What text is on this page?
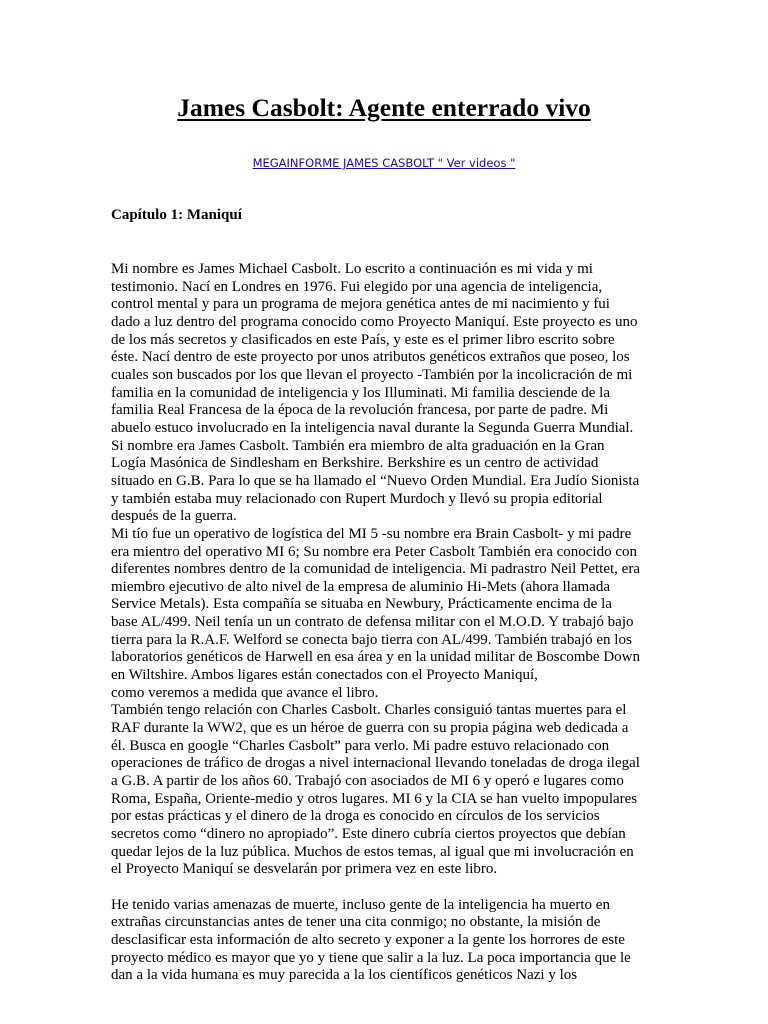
James Casbolt: Agente enterrado vivo
MEGAINFORME JAMES CASBOLT " Ver videos "
Capítulo 1: Maniquí
Mi nombre es James Michael Casbolt. Lo escrito a continuación es mi vida y mi
testimonio. Nací en Londres en 1976. Fui elegido por una agencia de inteligencia,
control mental y para un programa de mejora genética antes de mi nacimiento y fui
dado a luz dentro del programa conocido como Proyecto Maniquí. Este proyecto es uno
de los más secretos y clasificados en este País, y este es el primer libro escrito sobre
éste. Nací dentro de este proyecto por unos atributos genéticos extraños que poseo, los
cuales son buscados por los que llevan el proyecto -También por la incolicración de mi
familia en la comunidad de inteligencia y los Illuminati. Mi familia desciende de la
familia Real Francesa de la época de la revolución francesa, por parte de padre. Mi
abuelo estuco involucrado en la inteligencia naval durante la Segunda Guerra Mundial.
Si nombre era James Casbolt. También era miembro de alta graduación en la Gran
Logía Masónica de Sindlesham en Berkshire. Berkshire es un centro de actividad
situado en G.B. Para lo que se ha llamado el “Nuevo Orden Mundial. Era Judío Sionista
y también estaba muy relacionado con Rupert Murdoch y llevó su propia editorial
después de la guerra.
Mi tío fue un operativo de logística del MI 5 -su nombre era Brain Casbolt- y mi padre
era mientro del operativo MI 6; Su nombre era Peter Casbolt También era conocido con
diferentes nombres dentro de la comunidad de inteligencia. Mi padrastro Neil Pettet, era
miembro ejecutivo de alto nivel de la empresa de aluminio Hi-Mets (ahora llamada
Service Metals). Esta compañía se situaba en Newbury, Prácticamente encima de la
base AL/499. Neil tenía un un contrato de defensa militar con el M.O.D. Y trabajó bajo
tierra para la R.A.F. Welford se conecta bajo tierra con AL/499. También trabajó en los
laboratorios genéticos de Harwell en esa área y en la unidad militar de Boscombe Down
en Wiltshire. Ambos ligares están conectados con el Proyecto Maniquí,
como veremos a medida que avance el libro.
También tengo relación con Charles Casbolt. Charles consiguió tantas muertes para el
RAF durante la WW2, que es un héroe de guerra con su propia página web dedicada a
él. Busca en google “Charles Casbolt” para verlo. Mi padre estuvo relacionado con
operaciones de tráfico de drogas a nivel internacional llevando toneladas de droga ilegal
a G.B. A partir de los años 60. Trabajó con asociados de MI 6 y operó e lugares como
Roma, España, Oriente-medio y otros lugares. MI 6 y la CIA se han vuelto impopulares
por estas prácticas y el dinero de la droga es conocido en círculos de los servicios
secretos como “dinero no apropiado”. Este dinero cubría ciertos proyectos que debían
quedar lejos de la luz pública. Muchos de estos temas, al igual que mi involucración en
el Proyecto Maniquí se desvelarán por primera vez en este libro.
He tenido varias amenazas de muerte, incluso gente de la inteligencia ha muerto en
extrañas circunstancias antes de tener una cita conmigo; no obstante, la misión de
desclasificar esta información de alto secreto y exponer a la gente los horrores de este
proyecto médico es mayor que yo y tiene que salir a la luz. La poca importancia que le
dan a la vida humana es muy parecida a la los científicos genéticos Nazi y los
